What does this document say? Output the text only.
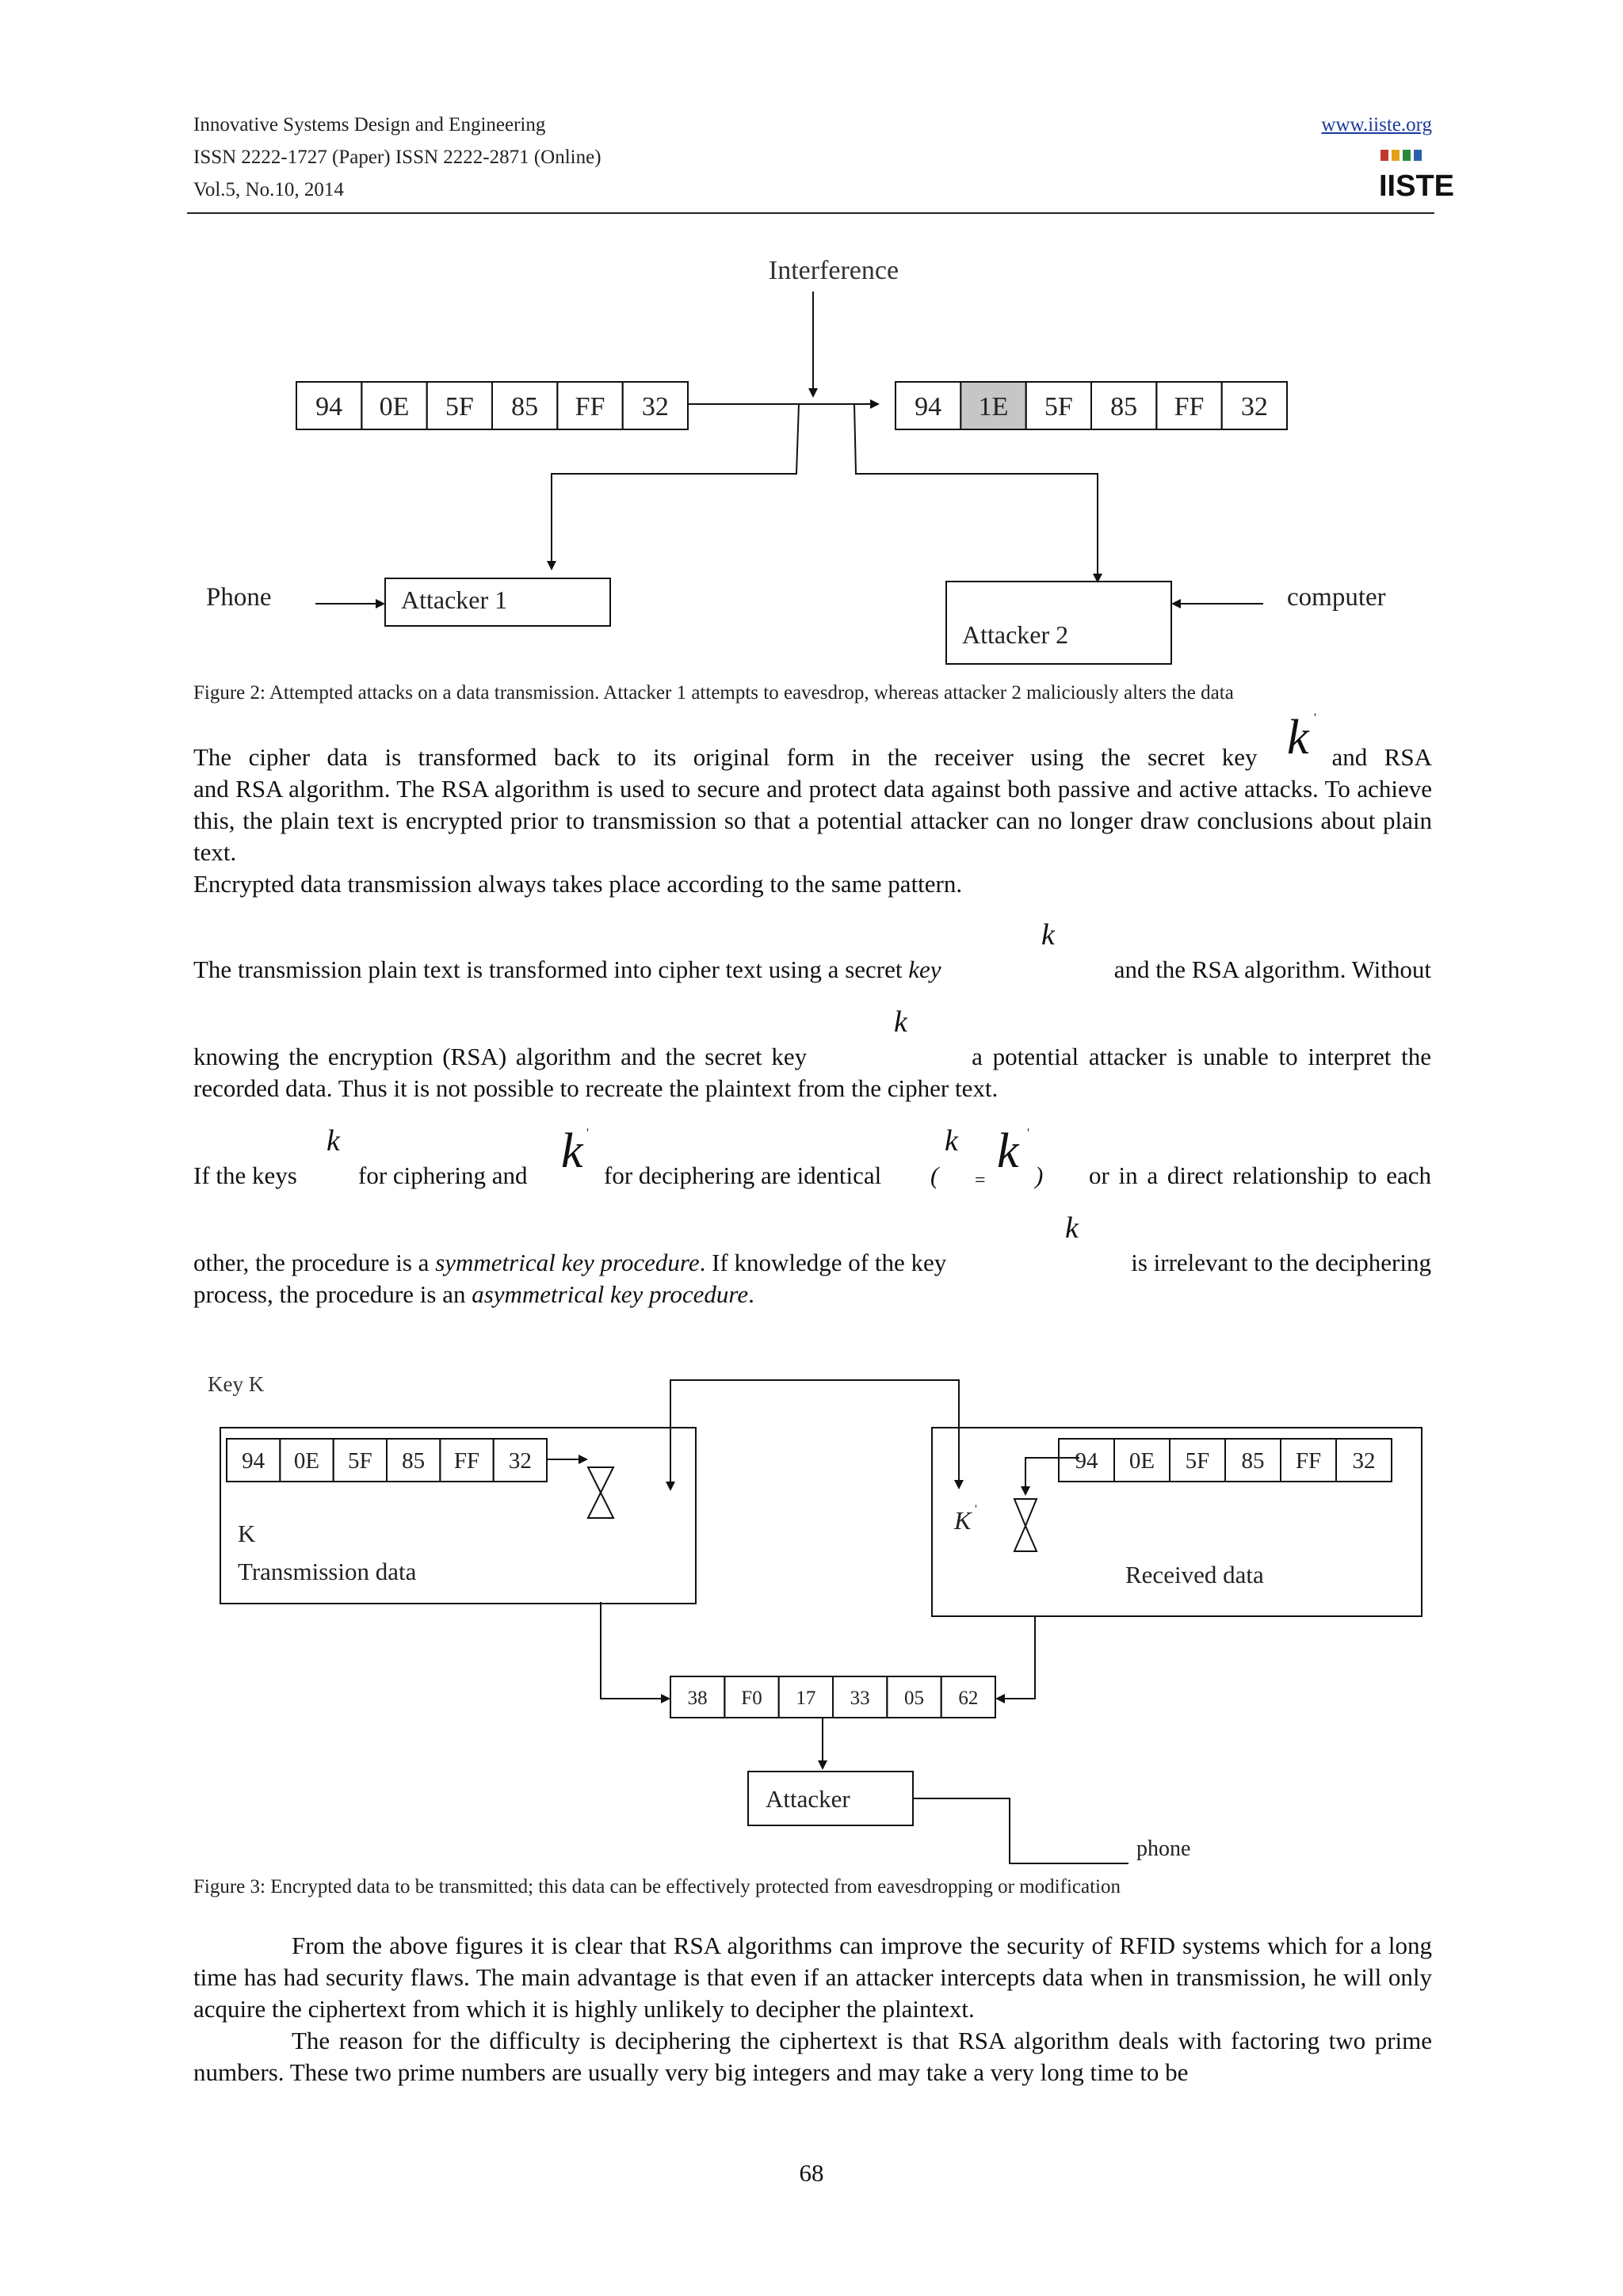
Innovative Systems Design and Engineering
ISSN 2222-1727 (Paper) ISSN 2222-2871 (Online)
Vol.5, No.10, 2014
www.iiste.org
IISTE
Interference
94 0E 5F 85 FF 32	94 1E 5F 85 FF 32
Attacker 1
Attacker 2
Phone	computer
Figure 2: Attempted attacks on a data transmission. Attacker 1 attempts to eavesdrop, whereas attacker 2 maliciously alters the data
The cipher data is transformed back to its original form in the receiver using the secret key	and RSA
k '

and RSA algorithm. The RSA algorithm is used to secure and protect data against both passive and active attacks. To achieve this, the plain text is encrypted prior to transmission so that a potential attacker can no longer draw conclusions about plain text.

Encrypted data transmission always takes place according to the same pattern.

k
The transmission plain text is transformed into cipher text using a secret key	and the RSA algorithm. Without
k
knowing the encryption (RSA) algorithm and the secret key	a potential attacker is unable to interpret the
recorded data. Thus it is not possible to recreate the plaintext from the cipher text.
k	k '	k k '
If the keys for ciphering and	for deciphering are identical ( = ) or in a direct relationship to each
k
other, the procedure is a symmetrical key procedure. If knowledge of the key	is irrelevant to the deciphering
process, the procedure is an asymmetrical key procedure.
Key K
94 0E 5F 85 FF 32
K
Transmission data
94 0E 5F 85 FF 32
K '
Received data
38 F0 17 33 05 62
Attacker
phone
Figure 3: Encrypted data to be transmitted; this data can be effectively protected from eavesdropping or modification

From the above figures it is clear that RSA algorithms can improve the security of RFID systems which for a long time has had security flaws. The main advantage is that even if an attacker intercepts data when in transmission, he will only acquire the ciphertext from which it is highly unlikely to decipher the plaintext.

The reason for the difficulty is deciphering the ciphertext is that RSA algorithm deals with factoring two prime numbers. These two prime numbers are usually very big integers and may take a very long time to be

68
